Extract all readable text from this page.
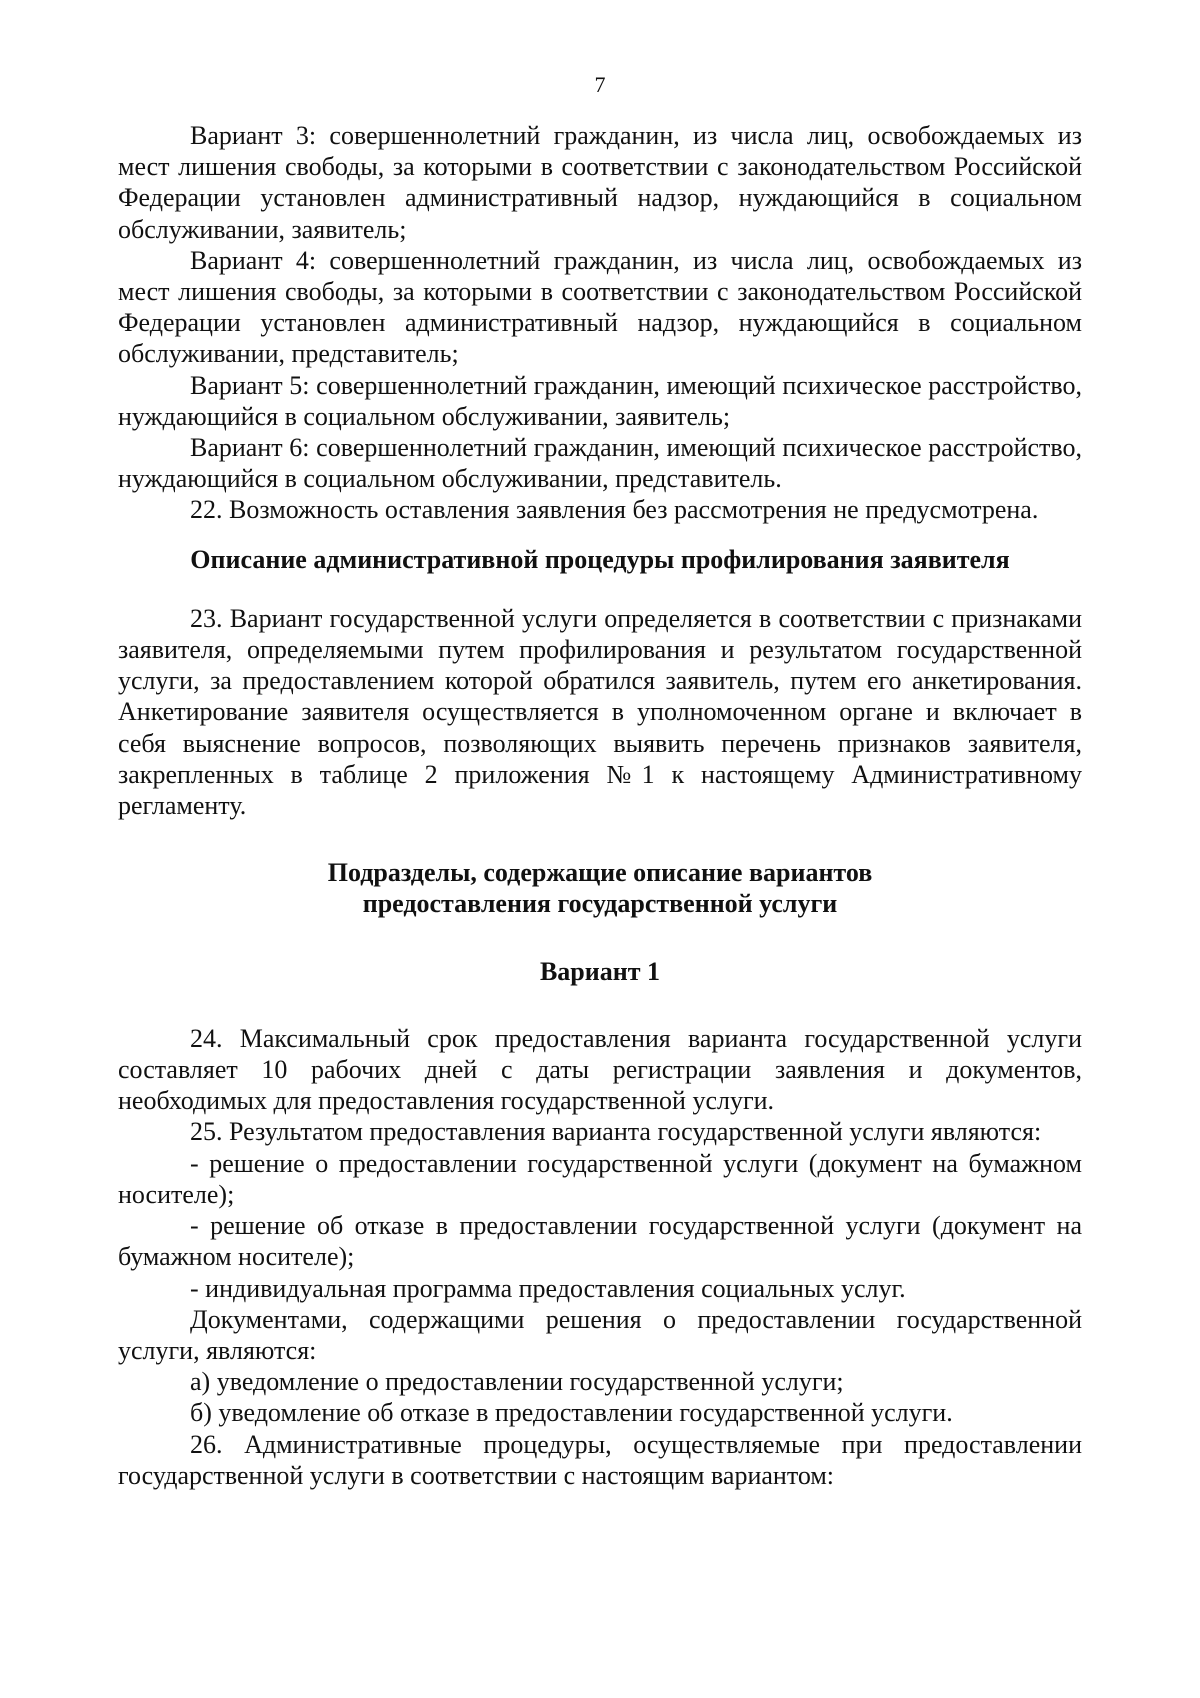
7

Вариант 3: совершеннолетний гражданин, из числа лиц, освобождаемых из мест лишения свободы, за которыми в соответствии с законодательством Российской Федерации установлен административный надзор, нуждающийся в социальном обслуживании, заявитель;

Вариант 4: совершеннолетний гражданин, из числа лиц, освобождаемых из мест лишения свободы, за которыми в соответствии с законодательством Российской Федерации установлен административный надзор, нуждающийся в социальном обслуживании, представитель;

Вариант 5: совершеннолетний гражданин, имеющий психическое расстройство, нуждающийся в социальном обслуживании, заявитель;

Вариант 6: совершеннолетний гражданин, имеющий психическое расстройство, нуждающийся в социальном обслуживании, представитель.

22. Возможность оставления заявления без рассмотрения не предусмотрена.

Описание административной процедуры профилирования заявителя

23. Вариант государственной услуги определяется в соответствии с признаками заявителя, определяемыми путем профилирования и результатом государственной услуги, за предоставлением которой обратился заявитель, путем его анкетирования. Анкетирование заявителя осуществляется в уполномоченном органе и включает в себя выяснение вопросов, позволяющих выявить перечень признаков заявителя, закрепленных в таблице 2 приложения №1 к настоящему Административному регламенту.

Подразделы, содержащие описание вариантов
предоставления государственной услуги
Вариант 1

24. Максимальный срок предоставления варианта государственной услуги составляет 10 рабочих дней с даты регистрации заявления и документов, необходимых для предоставления государственной услуги.

25. Результатом предоставления варианта государственной услуги являются:

- решение о предоставлении государственной услуги (документ на бумажном носителе);

- решение об отказе в предоставлении государственной услуги (документ на бумажном носителе);

- индивидуальная программа предоставления социальных услуг.

Документами, содержащими решения о предоставлении государственной услуги, являются:

а) уведомление о предоставлении государственной услуги;

б) уведомление об отказе в предоставлении государственной услуги.

26. Административные процедуры, осуществляемые при предоставлении государственной услуги в соответствии с настоящим вариантом:
